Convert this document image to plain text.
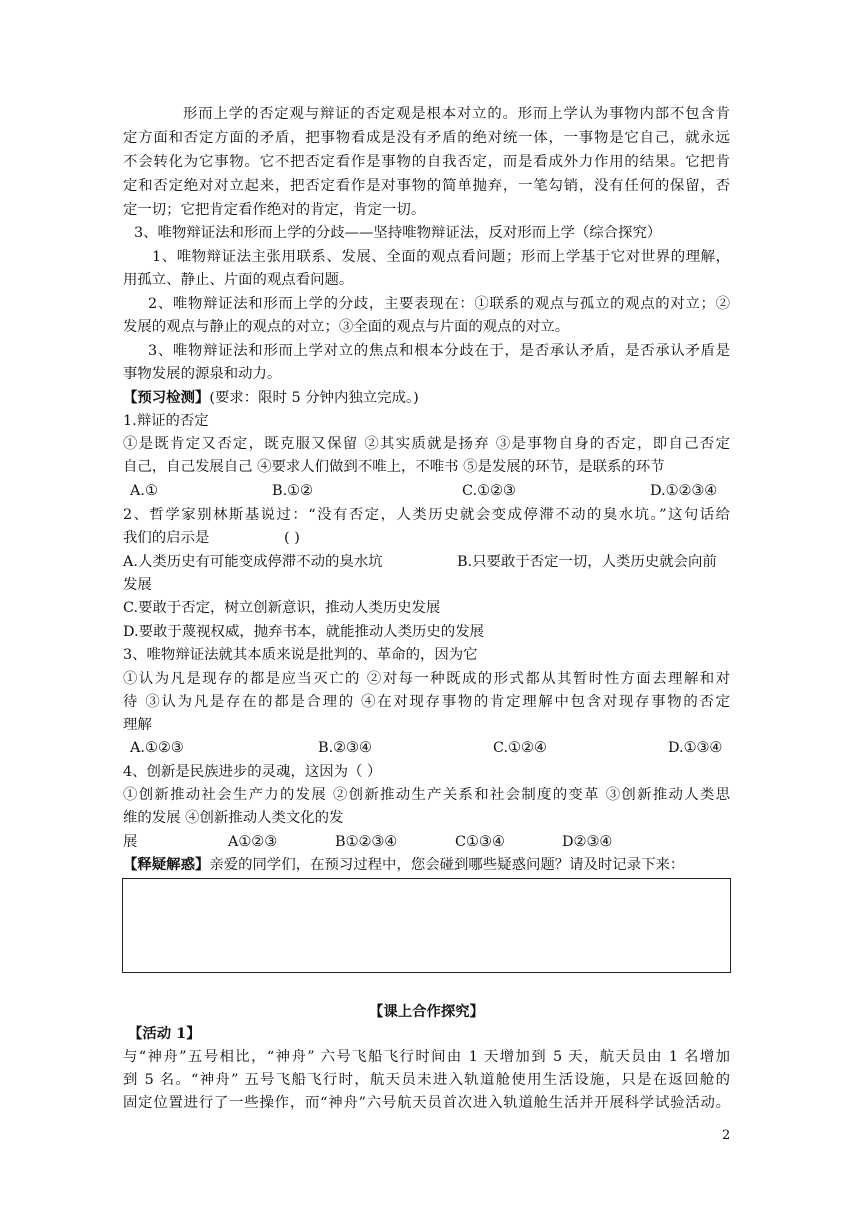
形而上学的否定观与辩证的否定观是根本对立的。形而上学认为事物内部不包含肯
定方面和否定方面的矛盾，把事物看成是没有矛盾的绝对统一体，一事物是它自己，就永远
不会转化为它事物。它不把否定看作是事物的自我否定，而是看成外力作用的结果。它把肯
定和否定绝对对立起来，把否定看作是对事物的简单抛弃，一笔勾销，没有任何的保留，否
定一切；它把肯定看作绝对的肯定，肯定一切。
3、唯物辩证法和形而上学的分歧——坚持唯物辩证法，反对形而上学（综合探究）
1、唯物辩证法主张用联系、发展、全面的观点看问题；形而上学基于它对世界的理解，
用孤立、静止、片面的观点看问题。
2、唯物辩证法和形而上学的分歧，主要表现在：①联系的观点与孤立的观点的对立；②
发展的观点与静止的观点的对立；③全面的观点与片面的观点的对立。
3、唯物辩证法和形而上学对立的焦点和根本分歧在于，是否承认矛盾，是否承认矛盾是
事物发展的源泉和动力。
【预习检测】(要求：限时 5 分钟内独立完成。)
1.辩证的否定
①是既肯定又否定，既克服又保留 ②其实质就是扬弃 ③是事物自身的否定，即自己否定
自己，自己发展自己 ④要求人们做到不唯上，不唯书 ⑤是发展的环节，是联系的环节
A.①	B.①②	C.①②③	D.①②③④
2、哲学家别林斯基说过：“没有否定，人类历史就会变成停滞不动的臭水坑。”这句话给
我们的启示是	( )
A.人类历史有可能变成停滞不动的臭水坑	B.只要敢于否定一切，人类历史就会向前
发展
C.要敢于否定，树立创新意识，推动人类历史发展
D.要敢于蔑视权威，抛弃书本，就能推动人类历史的发展
3、唯物辩证法就其本质来说是批判的、革命的，因为它
①认为凡是现存的都是应当灭亡的 ②对每一种既成的形式都从其暂时性方面去理解和对
待 ③认为凡是存在的都是合理的 ④在对现存事物的肯定理解中包含对现存事物的否定
理解
A.①②③	B.②③④	C.①②④	D.①③④
4、创新是民族进步的灵魂，这因为（ ）
①创新推动社会生产力的发展 ②创新推动生产关系和社会制度的变革 ③创新推动人类思
维的发展 ④创新推动人类文化的发
展	A①②③	B①②③④	C①③④	D②③④
【释疑解惑】亲爱的同学们，在预习过程中，您会碰到哪些疑惑问题？请及时记录下来：
【课上合作探究】
【活动 1】
与“神舟”五号相比，“神舟” 六号飞船飞行时间由 1 天增加到 5 天，航天员由 1 名增加
到 5 名。“神舟” 五号飞船飞行时，航天员未进入轨道舱使用生活设施，只是在返回舱的
固定位置进行了一些操作，而“神舟”六号航天员首次进入轨道舱生活并开展科学试验活动。
2
